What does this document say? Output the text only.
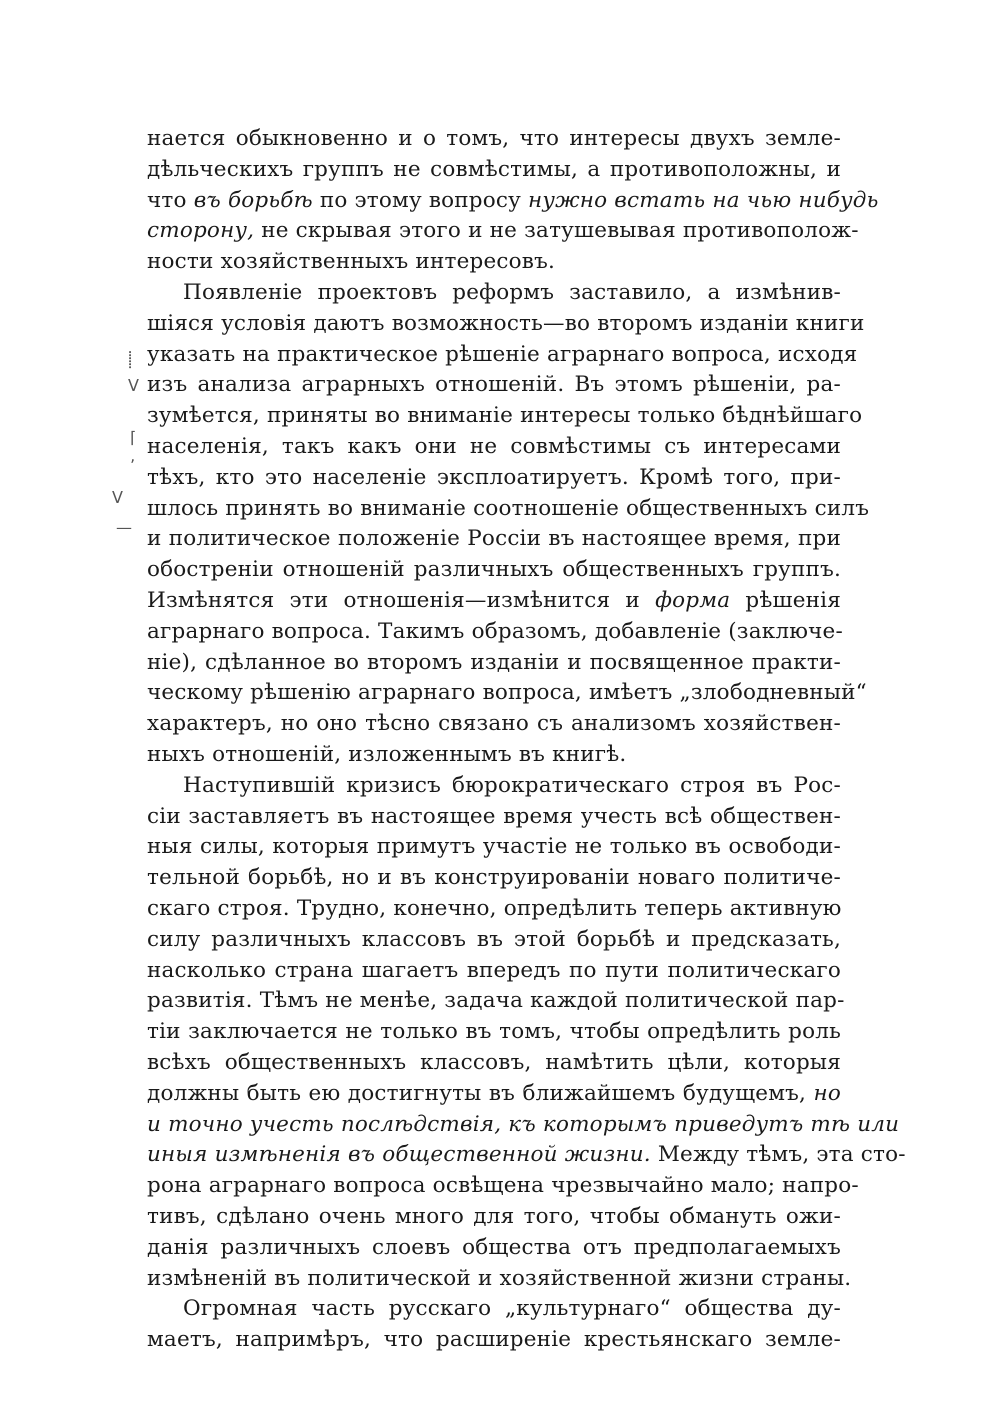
нается обыкновенно и о томъ, что интересы двухъ земле-
дѣльческихъ группъ не совмѣстимы, а противоположны, и
что въ борьбѣ по этому вопросу нужно встать на чью нибудь
сторону, не скрывая этого и не затушевывая противополож-
ности хозяйственныхъ интересовъ.
Появленіе проектовъ реформъ заставило, а измѣнив-
шіяся условія даютъ возможность—во второмъ изданіи книги
указать на практическое рѣшеніе аграрнаго вопроса, исходя
изъ анализа аграрныхъ отношеній. Въ этомъ рѣшеніи, ра-
зумѣется, приняты во вниманіе интересы только бѣднѣйшаго
населенія, такъ какъ они не совмѣстимы съ интересами
тѣхъ, кто это населеніе эксплоатируетъ. Кромѣ того, при-
шлось принять во вниманіе соотношеніе общественныхъ силъ
и политическое положеніе Россіи въ настоящее время, при
обостреніи отношеній различныхъ общественныхъ группъ.
Измѣнятся эти отношенія—измѣнится и форма рѣшенія
аграрнаго вопроса. Такимъ образомъ, добавленіе (заключе-
ніе), сдѣланное во второмъ изданіи и посвященное практи-
ческому рѣшенію аграрнаго вопроса, имѣетъ „злободневный“
характеръ, но оно тѣсно связано съ анализомъ хозяйствен-
ныхъ отношеній, изложеннымъ въ книгѣ.
Наступившій кризисъ бюрократическаго строя въ Рос-
сіи заставляетъ въ настоящее время учесть всѣ обществен-
ныя силы, которыя примутъ участіе не только въ освободи-
тельной борьбѣ, но и въ конструированіи новаго политиче-
скаго строя. Трудно, конечно, опредѣлить теперь активную
силу различныхъ классовъ въ этой борьбѣ и предсказать,
насколько страна шагаетъ впередъ по пути политическаго
развитія. Тѣмъ не менѣе, задача каждой политической пар-
тіи заключается не только въ томъ, чтобы опредѣлить роль
всѣхъ общественныхъ классовъ, намѣтить цѣли, которыя
должны быть ею достигнуты въ ближайшемъ будущемъ, но
и точно учесть послѣдствія, къ которымъ приведутъ тѣ или
иныя измѣненія въ общественной жизни. Между тѣмъ, эта сто-
рона аграрнаго вопроса освѣщена чрезвычайно мало; напро-
тивъ, сдѣлано очень много для того, чтобы обмануть ожи-
данія различныхъ слоевъ общества отъ предполагаемыхъ
измѣненій въ политической и хозяйственной жизни страны.
Огромная часть русскаго „культурнаго“ общества ду-
маетъ, напримѣръ, что расширеніе крестьянскаго земле-
⸽
ᐯ
⌈
ʼ
ᐯ
—
